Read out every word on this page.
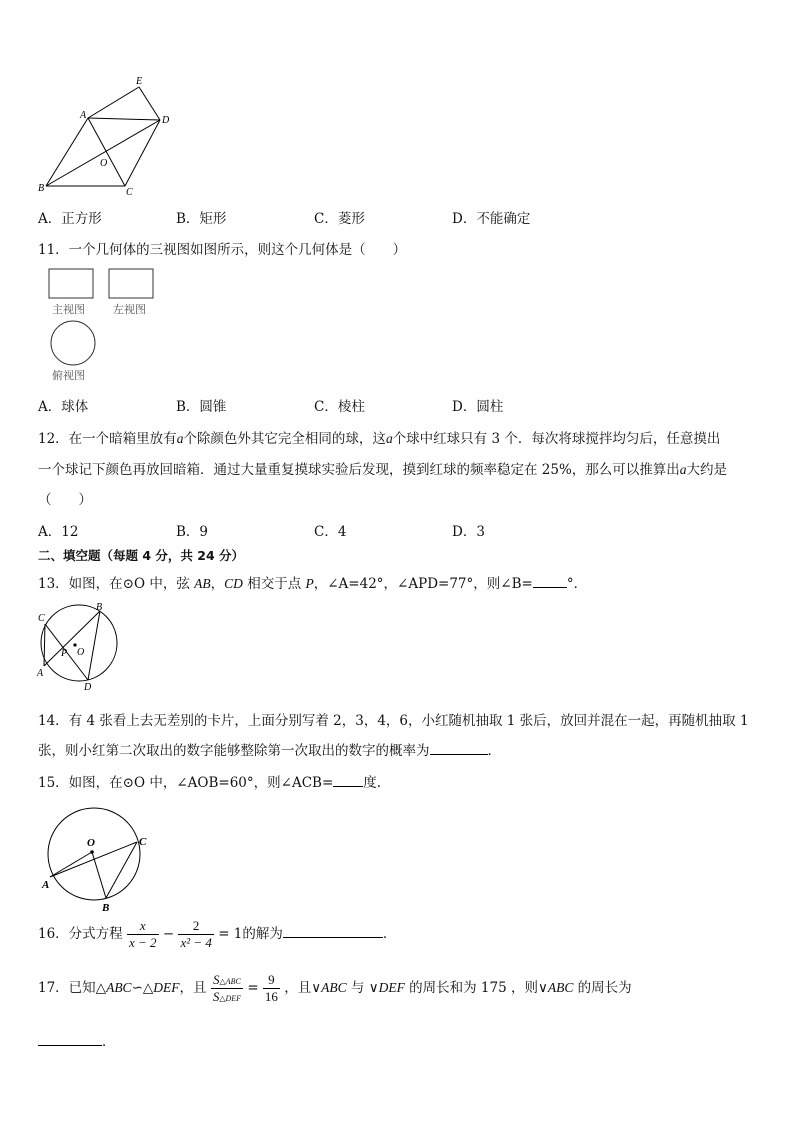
E
A	D
O
B	C
A．正方形	B．矩形	C．菱形	D．不能确定
11．一个几何体的三视图如图所示，则这个几何体是（　　）
主视图	左视图
俯视图
A．球体	B．圆锥	C．棱柱	D．圆柱
12．在一个暗箱里放有a个除颜色外其它完全相同的球，这a个球中红球只有 3 个．每次将球搅拌均匀后，任意摸出
一个球记下颜色再放回暗箱．通过大量重复摸球实验后发现，摸到红球的频率稳定在 25%，那么可以推算出a大约是
（　　）
A．12	B．9	C．4	D．3
二、填空题（每题 4 分，共 24 分）
13．如图，在⊙O 中，弦 AB，CD 相交于点 P，∠A=42°，∠APD=77°，则∠B=	°．
C
B
P O
A
D
14．有 4 张看上去无差别的卡片，上面分别写着 2，3，4，6，小红随机抽取 1 张后，放回并混在一起，再随机抽取 1
张，则小红第二次取出的数字能够整除第一次取出的数字的概率为	．
15．如图，在⊙O 中，∠AOB=60°，则∠ACB= 度．
O
A
B
C
16．分式方程 $\frac{x}{x - 2} - \frac{2}{\text{x² − 4}} = 1$的解为	．
17．已知△ABC∽△DEF，且 $\frac{\text{S△ABC}}{\text{S△DEF}} = \frac{9}{16}$ ，且∨ABC 与 ∨DEF 的周长和为 175 ，则∨ABC 的周长为
．
